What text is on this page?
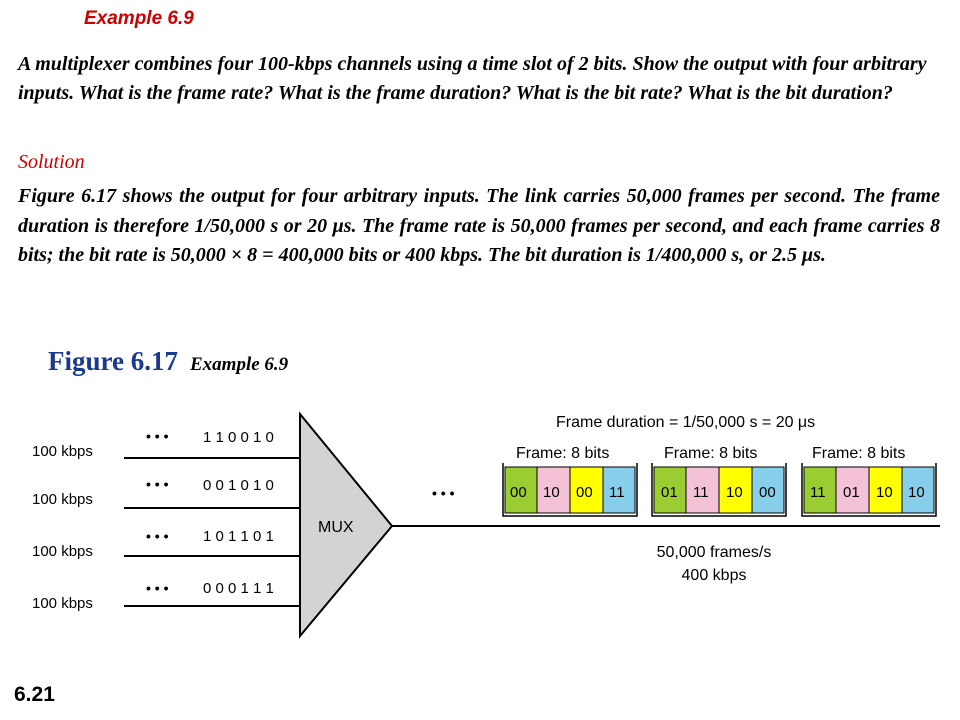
Example 6.9
A multiplexer combines four 100-kbps channels using a time slot of 2 bits. Show the output with four arbitrary inputs. What is the frame rate? What is the frame duration? What is the bit rate? What is the bit duration?
Solution
Figure 6.17 shows the output for four arbitrary inputs. The link carries 50,000 frames per second. The frame duration is therefore 1/50,000 s or 20 μs. The frame rate is 50,000 frames per second, and each frame carries 8 bits; the bit rate is 50,000 × 8 = 400,000 bits or 400 kbps. The bit duration is 1/400,000 s, or 2.5 μs.
Figure 6.17 Example 6.9
100 kbps
• • • 1 1 0 0 1 0
100 kbps
• • • 0 0 1 0 1 0
100 kbps
• • • 1 0 1 1 0 1
100 kbps
• • • 0 0 0 1 1 1
MUX
• • •
Frame duration = 1/50,000 s = 20 μs
Frame: 8 bits
00 10 00 11
Frame: 8 bits
01 11 10 00
Frame: 8 bits
11 01 10 10
50,000 frames/s
400 kbps
6.21
